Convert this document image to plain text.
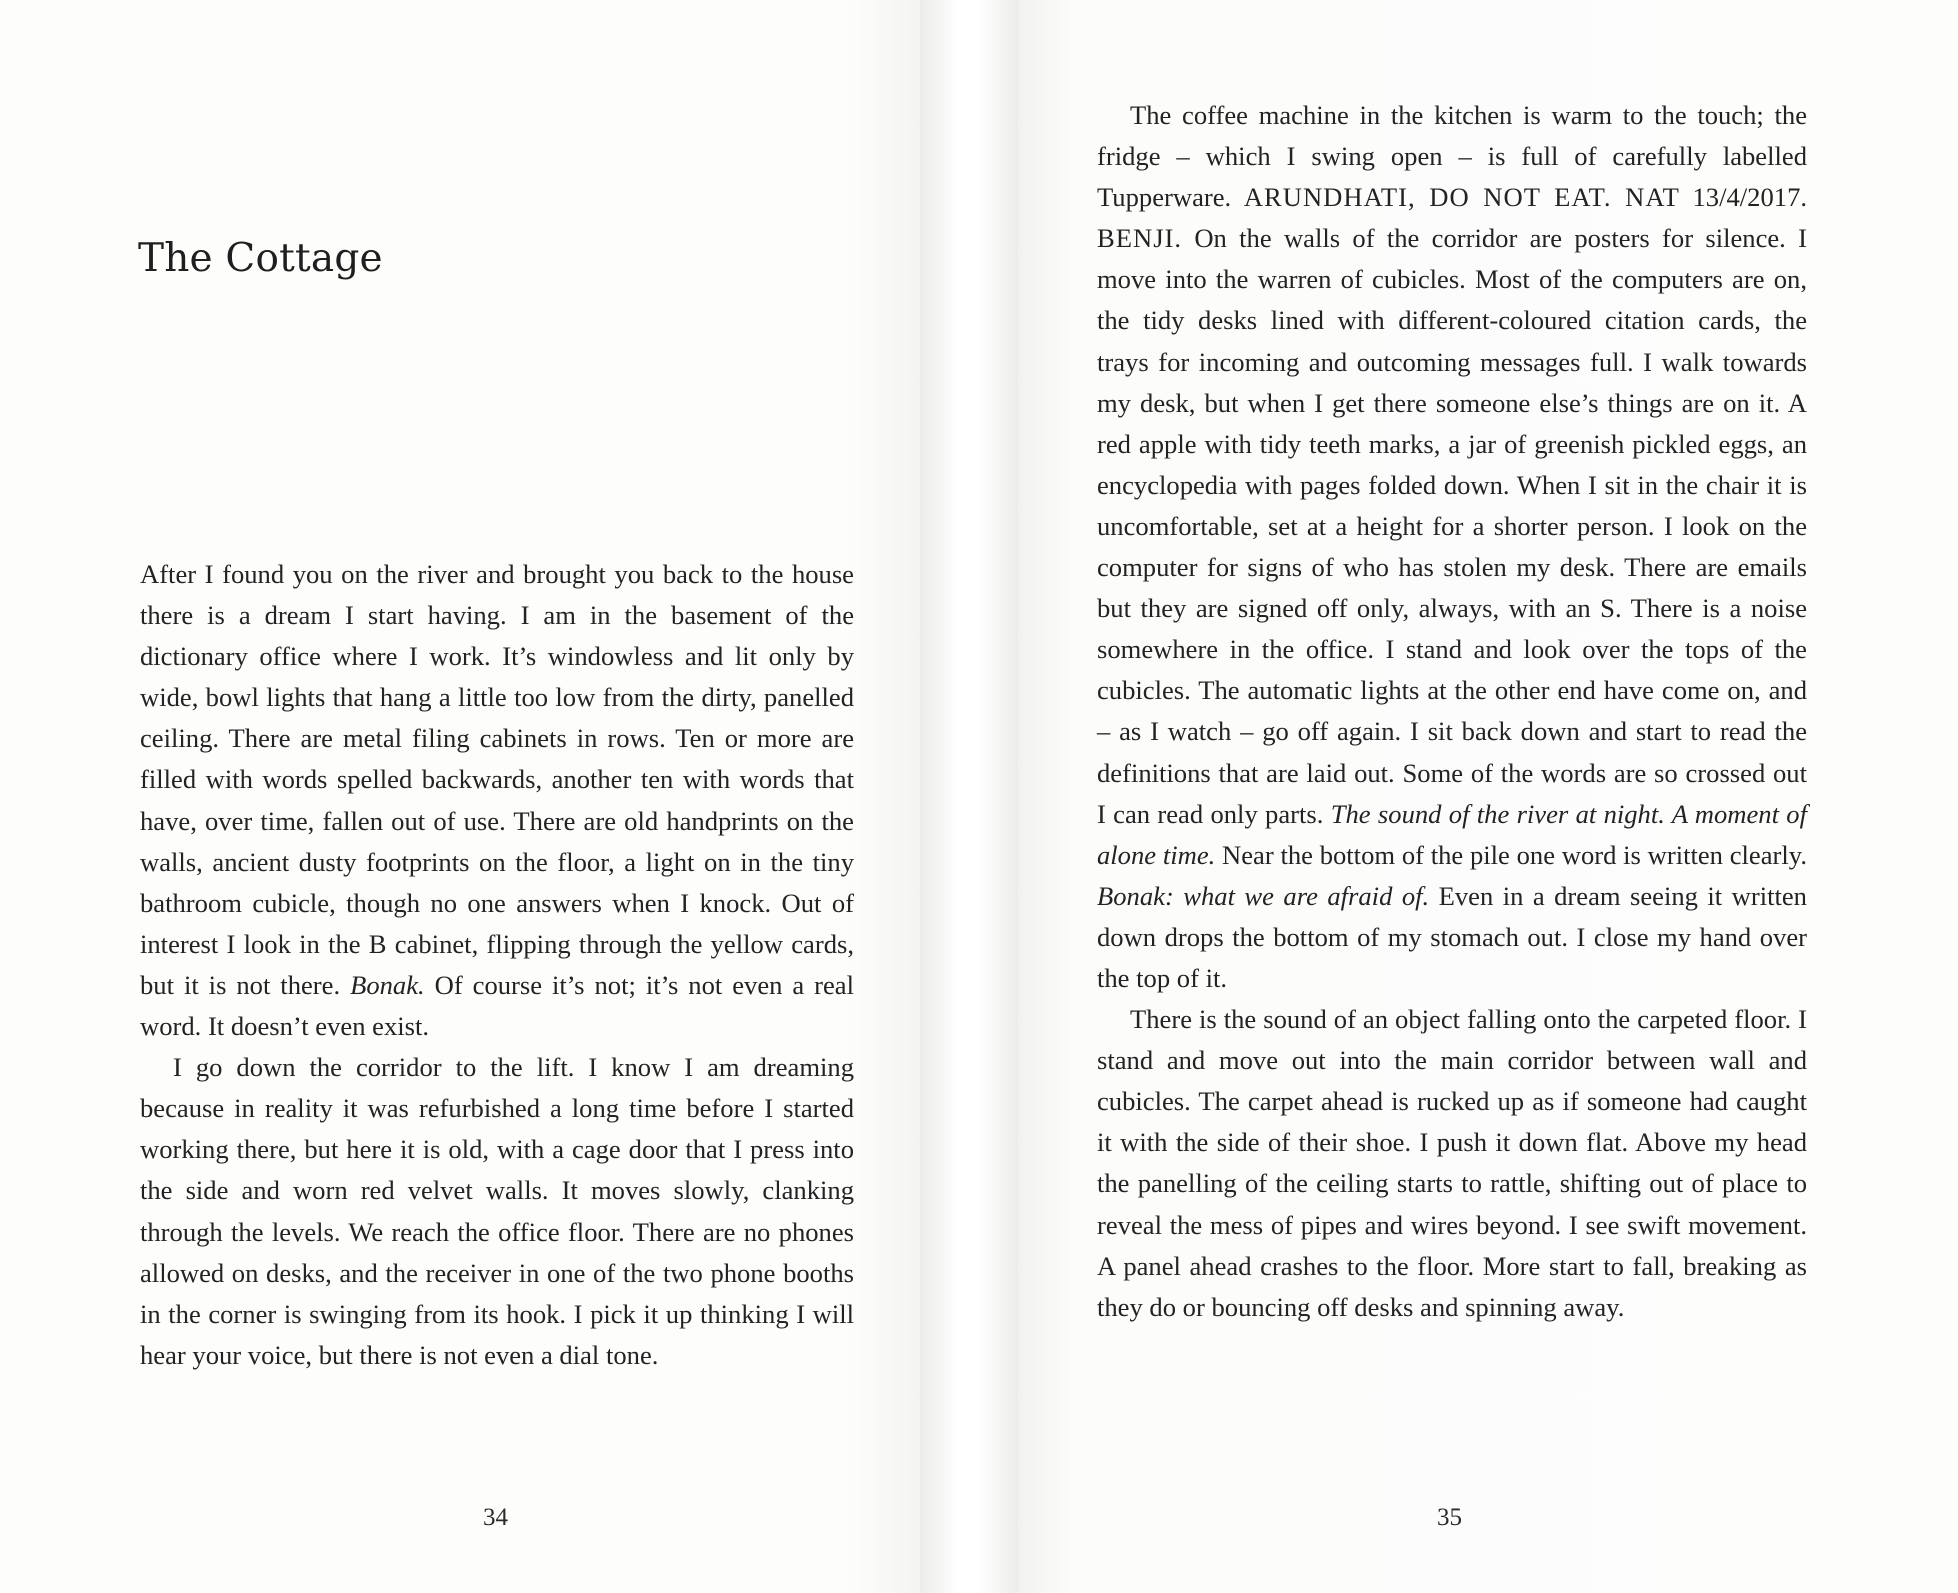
The Cottage

After I found you on the river and brought you back to the house there is a dream I start having. I am in the basement of the dictionary office where I work. It’s windowless and lit only by wide, bowl lights that hang a little too low from the dirty, panelled ceiling. There are metal filing cabinets in rows. Ten or more are filled with words spelled backwards, another ten with words that have, over time, fallen out of use. There are old handprints on the walls, ancient dusty footprints on the floor, a light on in the tiny bathroom cubicle, though no one answers when I knock. Out of interest I look in the B cabinet, flipping through the yellow cards, but it is not there. Bonak. Of course it’s not; it’s not even a real word. It doesn’t even exist.

I go down the corridor to the lift. I know I am dreaming because in reality it was refurbished a long time before I started working there, but here it is old, with a cage door that I press into the side and worn red velvet walls. It moves slowly, clanking through the levels. We reach the office floor. There are no phones allowed on desks, and the receiver in one of the two phone booths in the corner is swinging from its hook. I pick it up thinking I will hear your voice, but there is not even a dial tone.

34

The coffee machine in the kitchen is warm to the touch; the fridge – which I swing open – is full of carefully labelled Tupperware. ARUNDHATI, DO NOT EAT. NAT 13/4/2017. BENJI. On the walls of the corridor are posters for silence. I move into the warren of cubicles. Most of the computers are on, the tidy desks lined with different-coloured citation cards, the trays for incoming and outcoming messages full. I walk towards my desk, but when I get there someone else’s things are on it. A red apple with tidy teeth marks, a jar of greenish pickled eggs, an encyclopedia with pages folded down. When I sit in the chair it is uncomfortable, set at a height for a shorter person. I look on the computer for signs of who has stolen my desk. There are emails but they are signed off only, always, with an S. There is a noise somewhere in the office. I stand and look over the tops of the cubicles. The automatic lights at the other end have come on, and – as I watch – go off again. I sit back down and start to read the definitions that are laid out. Some of the words are so crossed out I can read only parts. The sound of the river at night. A moment of alone time. Near the bottom of the pile one word is written clearly. Bonak: what we are afraid of. Even in a dream seeing it written down drops the bottom of my stomach out. I close my hand over the top of it.

There is the sound of an object falling onto the carpeted floor. I stand and move out into the main corridor between wall and cubicles. The carpet ahead is rucked up as if someone had caught it with the side of their shoe. I push it down flat. Above my head the panelling of the ceiling starts to rattle, shifting out of place to reveal the mess of pipes and wires beyond. I see swift movement. A panel ahead crashes to the floor. More start to fall, breaking as they do or bouncing off desks and spinning away.

35
